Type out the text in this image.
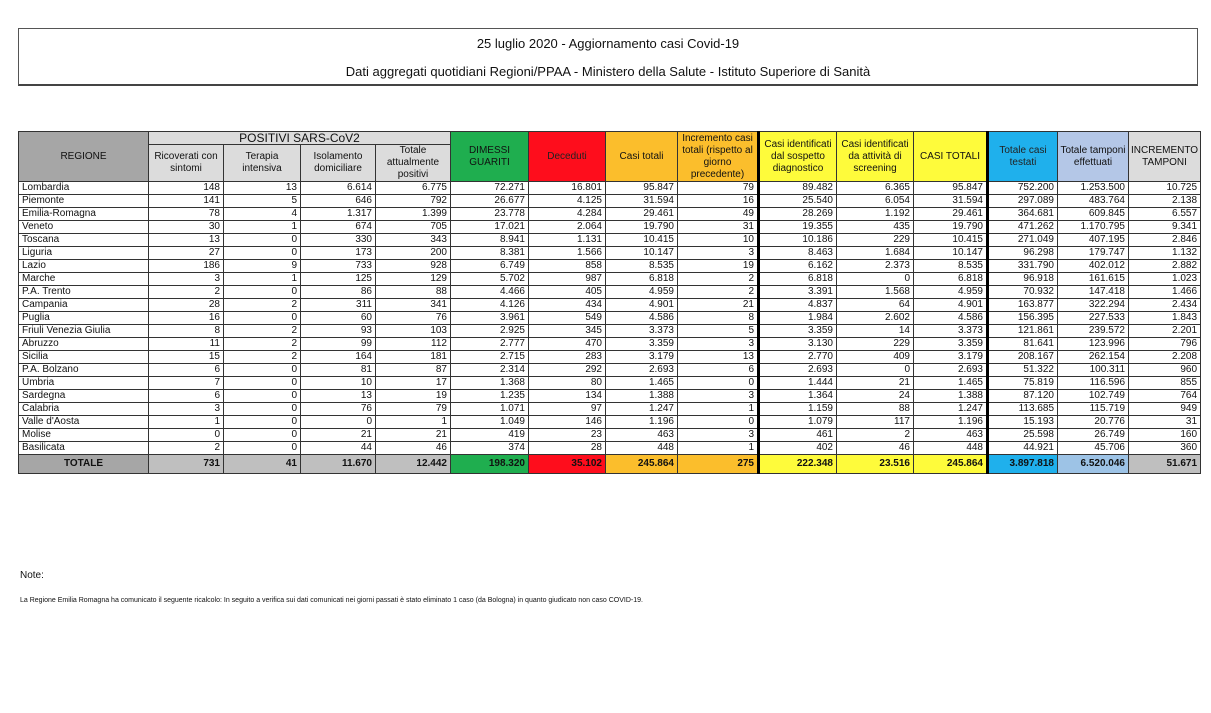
25 luglio 2020 - Aggiornamento casi Covid-19
Dati aggregati quotidiani Regioni/PPAA - Ministero della Salute - Istituto Superiore di Sanità
REGIONE	POSITIVI SARS-CoV2				DIMESSI GUARITI	Deceduti	Casi totali	Incremento casi totali (rispetto al giorno precedente)	Casi identificati dal sospetto diagnostico	Casi identificati da attività di screening	CASI TOTALI	Totale casi testati	Totale tamponi effettuati	INCREMENTO TAMPONI
	Ricoverati con sintomi	Terapia intensiva	Isolamento domiciliare	Totale attualmente positivi										
Lombardia	148	13	6.614	6.775	72.271	16.801	95.847	79	89.482	6.365	95.847	752.200	1.253.500	10.725
Piemonte	141	5	646	792	26.677	4.125	31.594	16	25.540	6.054	31.594	297.089	483.764	2.138
Emilia-Romagna	78	4	1.317	1.399	23.778	4.284	29.461	49	28.269	1.192	29.461	364.681	609.845	6.557
Veneto	30	1	674	705	17.021	2.064	19.790	31	19.355	435	19.790	471.262	1.170.795	9.341
Toscana	13	0	330	343	8.941	1.131	10.415	10	10.186	229	10.415	271.049	407.195	2.846
Liguria	27	0	173	200	8.381	1.566	10.147	3	8.463	1.684	10.147	96.298	179.747	1.132
Lazio	186	9	733	928	6.749	858	8.535	19	6.162	2.373	8.535	331.790	402.012	2.882
Marche	3	1	125	129	5.702	987	6.818	2	6.818	0	6.818	96.918	161.615	1.023
P.A. Trento	2	0	86	88	4.466	405	4.959	2	3.391	1.568	4.959	70.932	147.418	1.466
Campania	28	2	311	341	4.126	434	4.901	21	4.837	64	4.901	163.877	322.294	2.434
Puglia	16	0	60	76	3.961	549	4.586	8	1.984	2.602	4.586	156.395	227.533	1.843
Friuli Venezia Giulia	8	2	93	103	2.925	345	3.373	5	3.359	14	3.373	121.861	239.572	2.201
Abruzzo	11	2	99	112	2.777	470	3.359	3	3.130	229	3.359	81.641	123.996	796
Sicilia	15	2	164	181	2.715	283	3.179	13	2.770	409	3.179	208.167	262.154	2.208
P.A. Bolzano	6	0	81	87	2.314	292	2.693	6	2.693	0	2.693	51.322	100.311	960
Umbria	7	0	10	17	1.368	80	1.465	0	1.444	21	1.465	75.819	116.596	855
Sardegna	6	0	13	19	1.235	134	1.388	3	1.364	24	1.388	87.120	102.749	764
Calabria	3	0	76	79	1.071	97	1.247	1	1.159	88	1.247	113.685	115.719	949
Valle d'Aosta	1	0	0	1	1.049	146	1.196	0	1.079	117	1.196	15.193	20.776	31
Molise	0	0	21	21	419	23	463	3	461	2	463	25.598	26.749	160
Basilicata	2	0	44	46	374	28	448	1	402	46	448	44.921	45.706	360
TOTALE	731	41	11.670	12.442	198.320	35.102	245.864	275	222.348	23.516	245.864	3.897.818	6.520.046	51.671
Note:
La Regione Emilia Romagna ha comunicato il seguente ricalcolo: In seguito a verifica sui dati comunicati nei giorni passati è stato eliminato 1 caso (da Bologna) in quanto giudicato non caso COVID-19.
